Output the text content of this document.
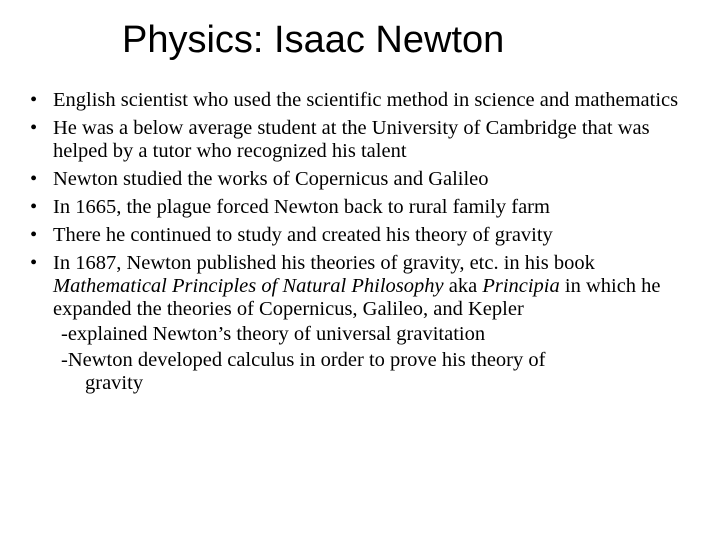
Physics: Isaac Newton
• English scientist who used the scientific method in science and mathematics
• He was a below average student at the University of Cambridge that was helped by a tutor who recognized his talent
• Newton studied the works of Copernicus and Galileo
• In 1665, the plague forced Newton back to rural family farm
• There he continued to study and created his theory of gravity
• In 1687, Newton published his theories of gravity, etc. in his book Mathematical Principles of Natural Philosophy aka Principia in which he expanded the theories of Copernicus, Galileo, and Kepler
-explained Newton’s theory of universal gravitation
-Newton developed calculus in order to prove his theory of
gravity
